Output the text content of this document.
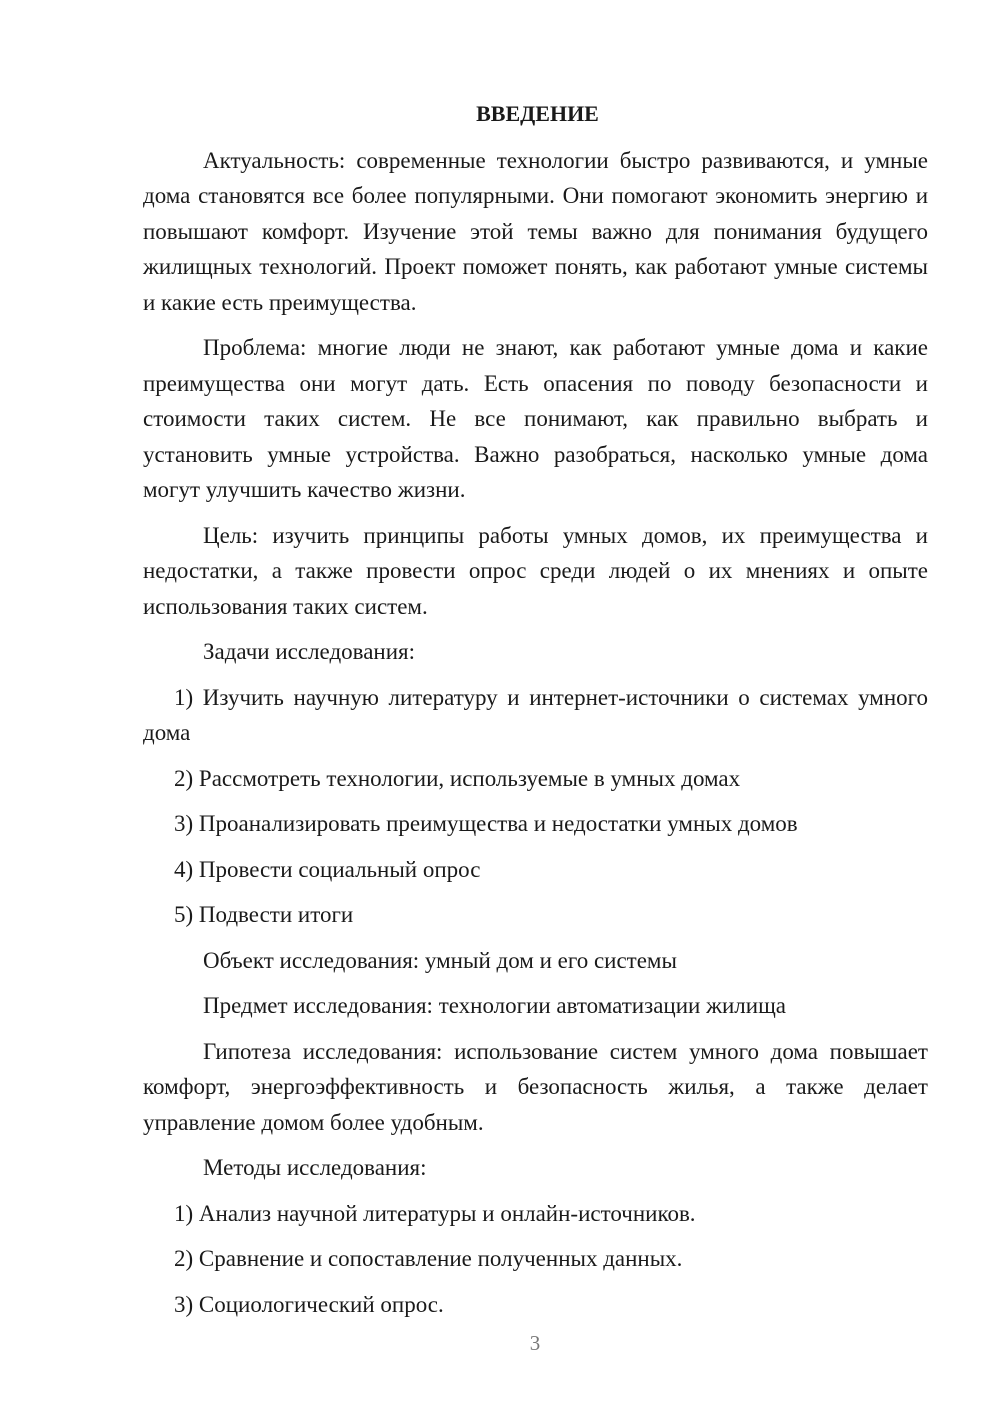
ВВЕДЕНИЕ

Актуальность: современные технологии быстро развиваются, и умные дома становятся все более популярными. Они помогают экономить энергию и повышают комфорт. Изучение этой темы важно для понимания будущего жилищных технологий. Проект поможет понять, как работают умные системы и какие есть преимущества.

Проблема: многие люди не знают, как работают умные дома и какие преимущества они могут дать. Есть опасения по поводу безопасности и стоимости таких систем. Не все понимают, как правильно выбрать и установить умные устройства. Важно разобраться, насколько умные дома могут улучшить качество жизни.

Цель: изучить принципы работы умных домов, их преимущества и недостатки, а также провести опрос среди людей о их мнениях и опыте использования таких систем.

Задачи исследования:

1) Изучить научную литературу и интернет-источники о системах умного дома

2) Рассмотреть технологии, используемые в умных домах

3) Проанализировать преимущества и недостатки умных домов

4) Провести социальный опрос

5) Подвести итоги

Объект исследования: умный дом и его системы

Предмет исследования: технологии автоматизации жилища

Гипотеза исследования: использование систем умного дома повышает комфорт, энергоэффективность и безопасность жилья, а также делает управление домом более удобным.

Методы исследования:

1) Анализ научной литературы и онлайн-источников.

2) Сравнение и сопоставление полученных данных.

3) Социологический опрос.

3
